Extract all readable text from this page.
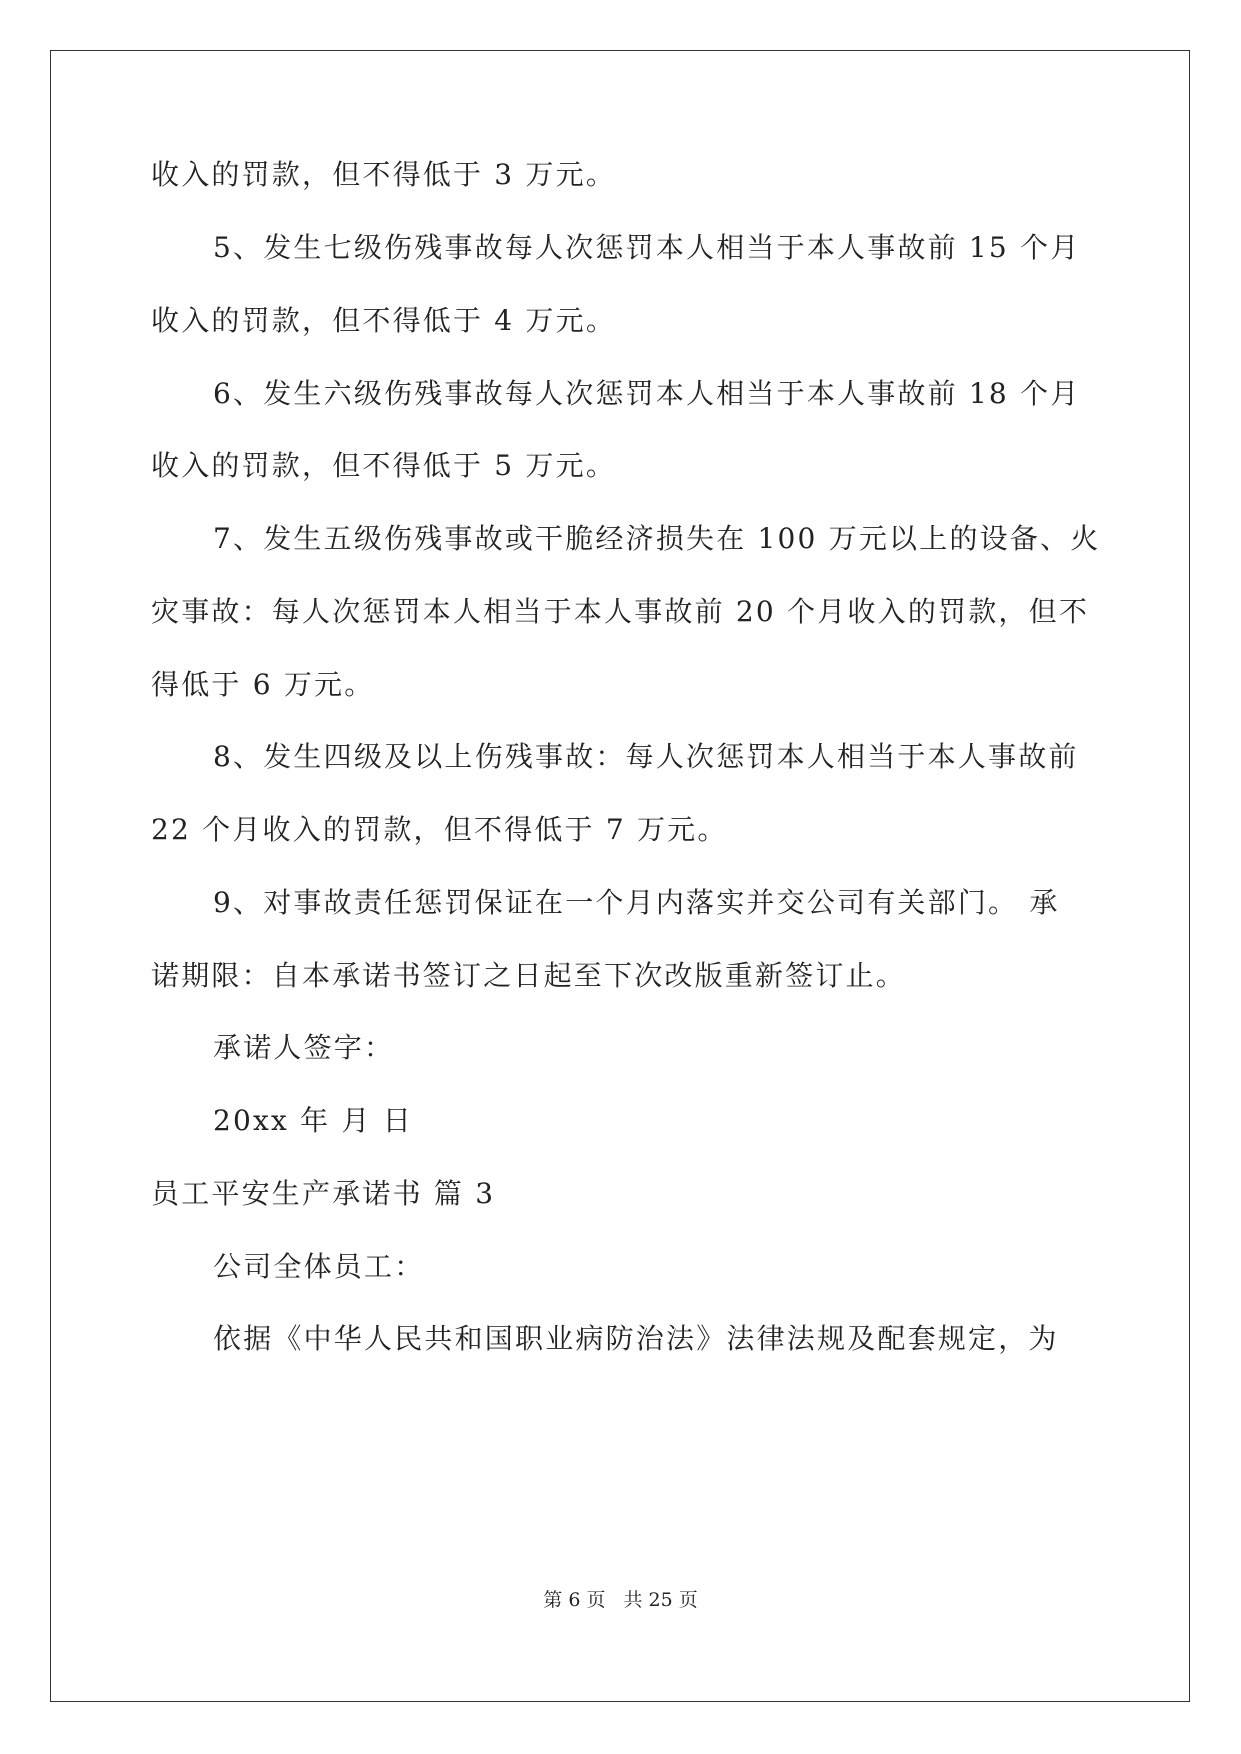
收入的罚款，但不得低于 3 万元。
5、发生七级伤残事故每人次惩罚本人相当于本人事故前 15 个月
收入的罚款，但不得低于 4 万元。
6、发生六级伤残事故每人次惩罚本人相当于本人事故前 18 个月
收入的罚款，但不得低于 5 万元。
7、发生五级伤残事故或干脆经济损失在 100 万元以上的设备、火
灾事故：每人次惩罚本人相当于本人事故前 20 个月收入的罚款，但不
得低于 6 万元。
8、发生四级及以上伤残事故：每人次惩罚本人相当于本人事故前
22 个月收入的罚款，但不得低于 7 万元。
9、对事故责任惩罚保证在一个月内落实并交公司有关部门。 承
诺期限：自本承诺书签订之日起至下次改版重新签订止。
承诺人签字：
20xx 年 月 日
员工平安生产承诺书 篇 3
公司全体员工：
依据《中华人民共和国职业病防治法》法律法规及配套规定，为
第 6 页 共 25 页
